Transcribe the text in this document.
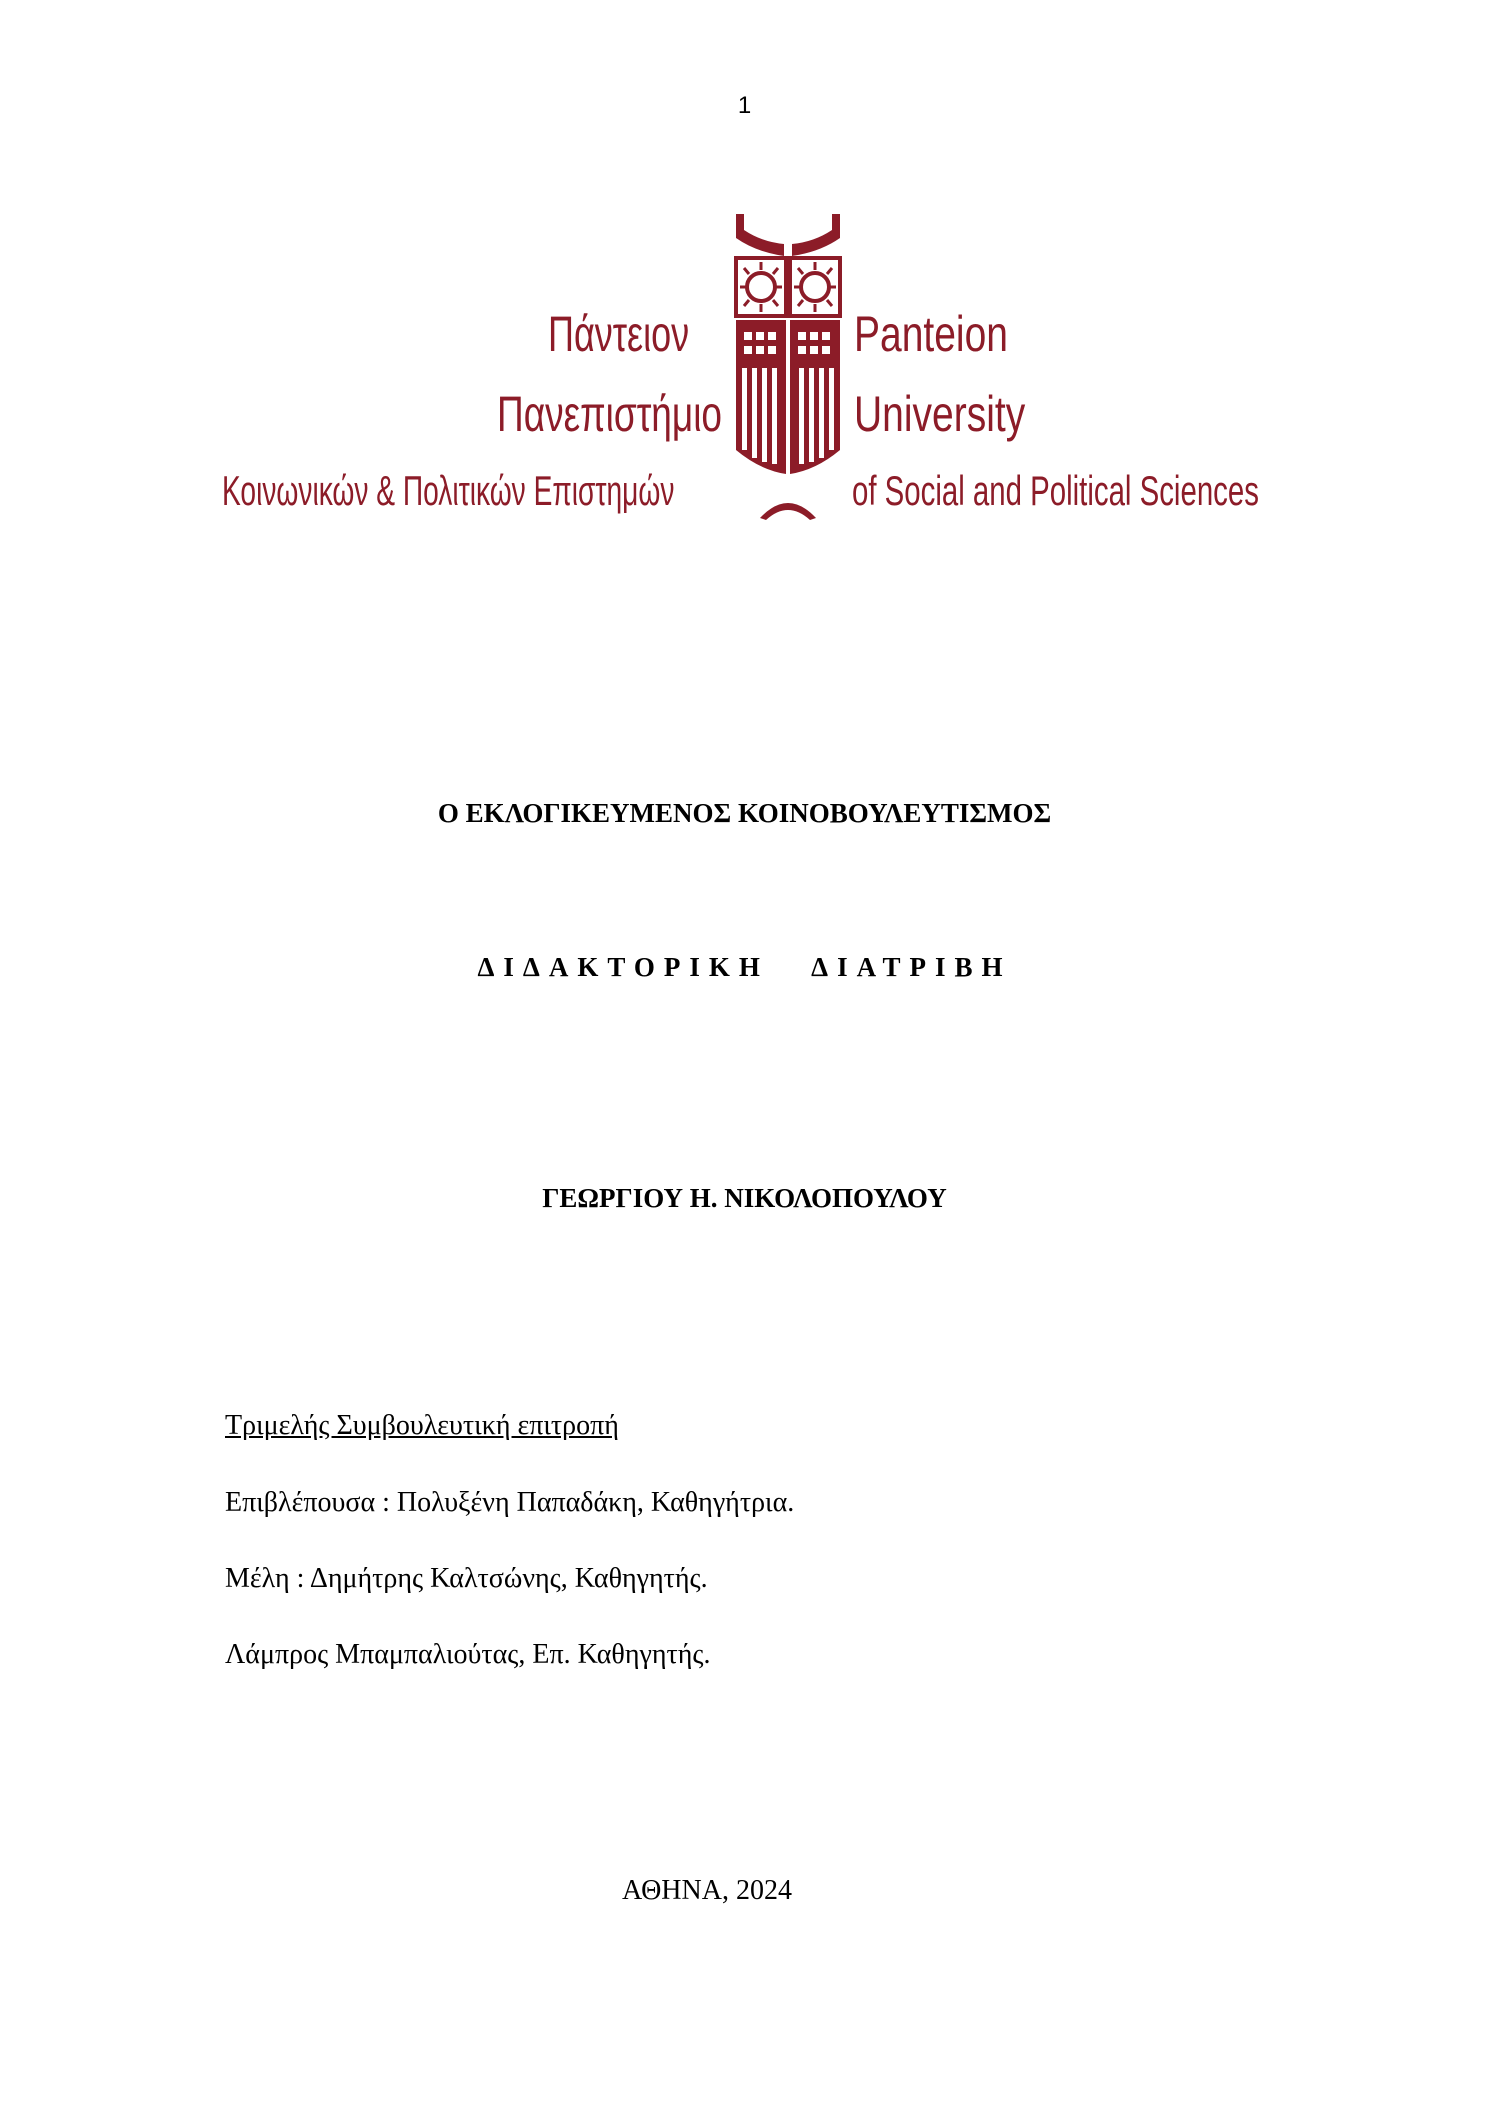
1
Πάντειον
Πανεπιστήμιο
Κοινωνικών & Πολιτικών Επιστημών
Panteion
University
of Social and Political Sciences
Ο ΕΚΛΟΓΙΚΕΥΜΕΝΟΣ ΚΟΙΝΟΒΟΥΛΕΥΤΙΣΜΟΣ
ΔΙΔΑΚΤΟΡΙΚΗ ΔΙΑΤΡΙΒΗ
ΓΕΩΡΓΙΟΥ Η. ΝΙΚΟΛΟΠΟΥΛΟΥ
Τριμελής Συμβουλευτική επιτροπή
Επιβλέπουσα : Πολυξένη Παπαδάκη, Καθηγήτρια.
Μέλη : Δημήτρης Καλτσώνης, Καθηγητής.
Λάμπρος Μπαμπαλιούτας, Επ. Καθηγητής.
ΑΘΗΝΑ, 2024
